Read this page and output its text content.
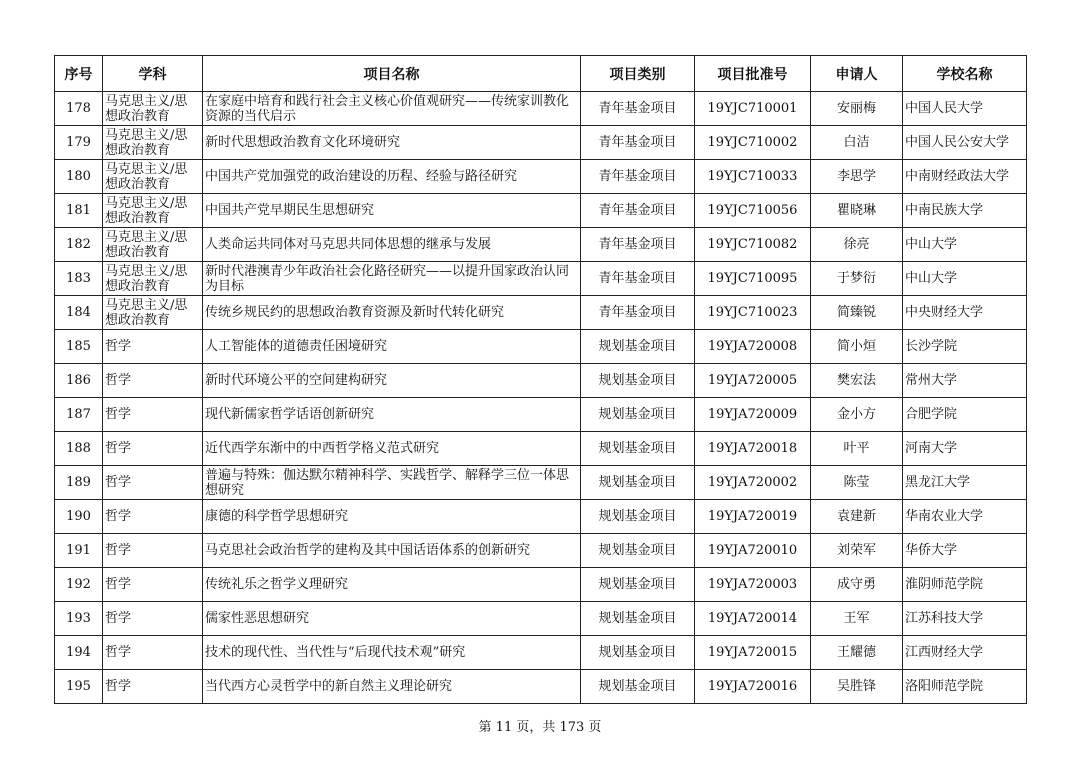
序号	学科	项目名称	项目类别	项目批准号	申请人	学校名称
178	马克思主义/思想政治教育	在家庭中培育和践行社会主义核心价值观研究——传统家训教化资源的当代启示	青年基金项目	19YJC710001	安丽梅	中国人民大学
179	马克思主义/思想政治教育	新时代思想政治教育文化环境研究	青年基金项目	19YJC710002	白洁	中国人民公安大学
180	马克思主义/思想政治教育	中国共产党加强党的政治建设的历程、经验与路径研究	青年基金项目	19YJC710033	李思学	中南财经政法大学
181	马克思主义/思想政治教育	中国共产党早期民生思想研究	青年基金项目	19YJC710056	瞿晓琳	中南民族大学
182	马克思主义/思想政治教育	人类命运共同体对马克思共同体思想的继承与发展	青年基金项目	19YJC710082	徐亮	中山大学
183	马克思主义/思想政治教育	新时代港澳青少年政治社会化路径研究——以提升国家政治认同为目标	青年基金项目	19YJC710095	于梦衍	中山大学
184	马克思主义/思想政治教育	传统乡规民约的思想政治教育资源及新时代转化研究	青年基金项目	19YJC710023	简臻锐	中央财经大学
185	哲学	人工智能体的道德责任困境研究	规划基金项目	19YJA720008	简小烜	长沙学院
186	哲学	新时代环境公平的空间建构研究	规划基金项目	19YJA720005	樊宏法	常州大学
187	哲学	现代新儒家哲学话语创新研究	规划基金项目	19YJA720009	金小方	合肥学院
188	哲学	近代西学东渐中的中西哲学格义范式研究	规划基金项目	19YJA720018	叶平	河南大学
189	哲学	普遍与特殊：伽达默尔精神科学、实践哲学、解释学三位一体思想研究	规划基金项目	19YJA720002	陈莹	黑龙江大学
190	哲学	康德的科学哲学思想研究	规划基金项目	19YJA720019	袁建新	华南农业大学
191	哲学	马克思社会政治哲学的建构及其中国话语体系的创新研究	规划基金项目	19YJA720010	刘荣军	华侨大学
192	哲学	传统礼乐之哲学义理研究	规划基金项目	19YJA720003	成守勇	淮阴师范学院
193	哲学	儒家性恶思想研究	规划基金项目	19YJA720014	王军	江苏科技大学
194	哲学	技术的现代性、当代性与“后现代技术观”研究	规划基金项目	19YJA720015	王耀德	江西财经大学
195	哲学	当代西方心灵哲学中的新自然主义理论研究	规划基金项目	19YJA720016	吴胜锋	洛阳师范学院
第 11 页，共 173 页
